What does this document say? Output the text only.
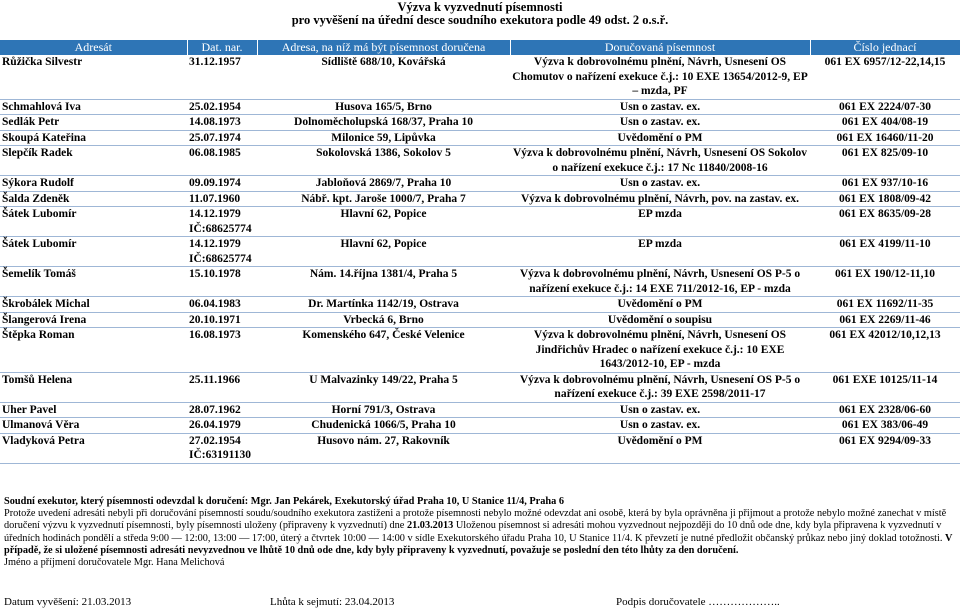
Výzva k vyzvednutí písemnosti
pro vyvěšení na úřední desce soudního exekutora podle 49 odst. 2 o.s.ř.
Adresát	Dat. nar.	Adresa, na níž má být písemnost doručena	Doručovaná písemnost	Číslo jednací
Růžička Silvestr	31.12.1957	Sídliště 688/10, Kovářská	Výzva k dobrovolnému plnění, Návrh, Usnesení OS Chomutov o nařízení exekuce č.j.: 10 EXE 13654/2012-9, EP – mzda, PF	061 EX 6957/12-22,14,15
Schmahlová Iva	25.02.1954	Husova 165/5, Brno	Usn o zastav. ex.	061 EX 2224/07-30
Sedlák Petr	14.08.1973	Dolnoměcholupská 168/37, Praha 10	Usn o zastav. ex.	061 EX 404/08-19
Skoupá Kateřina	25.07.1974	Milonice 59, Lipůvka	Uvědomění o PM	061 EX 16460/11-20
Slepčík Radek	06.08.1985	Sokolovská 1386, Sokolov 5	Výzva k dobrovolnému plnění, Návrh, Usnesení OS Sokolov o nařízení exekuce č.j.: 17 Nc 11840/2008-16	061 EX 825/09-10
Sýkora Rudolf	09.09.1974	Jabloňová 2869/7, Praha 10	Usn o zastav. ex.	061 EX 937/10-16
Šalda Zdeněk	11.07.1960	Nábř. kpt. Jaroše 1000/7, Praha 7	Výzva k dobrovolnému plnění, Návrh, pov. na zastav. ex.	061 EX 1808/09-42
Šátek Lubomír	14.12.1979 IČ:68625774	Hlavní 62, Popice	EP mzda	061 EX 8635/09-28
Šátek Lubomír	14.12.1979 IČ:68625774	Hlavní 62, Popice	EP mzda	061 EX 4199/11-10
Šemelík Tomáš	15.10.1978	Nám. 14.října 1381/4, Praha 5	Výzva k dobrovolnému plnění, Návrh, Usnesení OS P-5 o nařízení exekuce č.j.: 14 EXE 711/2012-16, EP - mzda	061 EX 190/12-11,10
Škrobálek Michal	06.04.1983	Dr. Martínka 1142/19, Ostrava	Uvědomění o PM	061 EX 11692/11-35
Šlangerová Irena	20.10.1971	Vrbecká 6, Brno	Uvědomění o soupisu	061 EX 2269/11-46
Štěpka Roman	16.08.1973	Komenského 647, České Velenice	Výzva k dobrovolnému plnění, Návrh, Usnesení OS Jindřichův Hradec o nařízení exekuce č.j.: 10 EXE 1643/2012-10, EP - mzda	061 EX 42012/10,12,13
Tomšů Helena	25.11.1966	U Malvazinky 149/22, Praha 5	Výzva k dobrovolnému plnění, Návrh, Usnesení OS P-5 o nařízení exekuce č.j.: 39 EXE 2598/2011-17	061 EXE 10125/11-14
Uher Pavel	28.07.1962	Horní 791/3, Ostrava	Usn o zastav. ex.	061 EX 2328/06-60
Ulmanová Věra	26.04.1979	Chudenická 1066/5, Praha 10	Usn o zastav. ex.	061 EX 383/06-49
Vladyková Petra	27.02.1954 IČ:63191130	Husovo nám. 27, Rakovník	Uvědomění o PM	061 EX 9294/09-33
Soudní exekutor, který písemnosti odevzdal k doručení: Mgr. Jan Pekárek, Exekutorský úřad Praha 10, U Stanice 11/4, Praha 6
Protože uvedení adresáti nebyli při doručování písemností soudu/soudního exekutora zastiženi a protože písemnosti nebylo možné odevzdat ani osobě, která by byla oprávněna ji přijmout a protože nebylo možné zanechat v místě doručení výzvu k vyzvednutí písemnosti, byly písemnosti uloženy (připraveny k vyzvednutí) dne 21.03.2013 Uloženou písemnost si adresáti mohou vyzvednout nejpozději do 10 dnů ode dne, kdy byla připravena k vyzvednutí v úředních hodinách pondělí a středa 9:00 — 12:00, 13:00 — 17:00, úterý a čtvrtek 10:00 — 14:00 v sídle Exekutorského úřadu Praha 10, U Stanice 11/4. K převzetí je nutné předložit občanský průkaz nebo jiný doklad totožnosti. V případě, že si uložené písemnosti adresáti nevyzvednou ve lhůtě 10 dnů ode dne, kdy byly připraveny k vyzvednutí, považuje se poslední den této lhůty za den doručení.
Jméno a příjmení doručovatele Mgr. Hana Melichová
Datum vyvěšení: 21.03.2013	Lhůta k sejmutí: 23.04.2013	Podpis doručovatele ………………..
